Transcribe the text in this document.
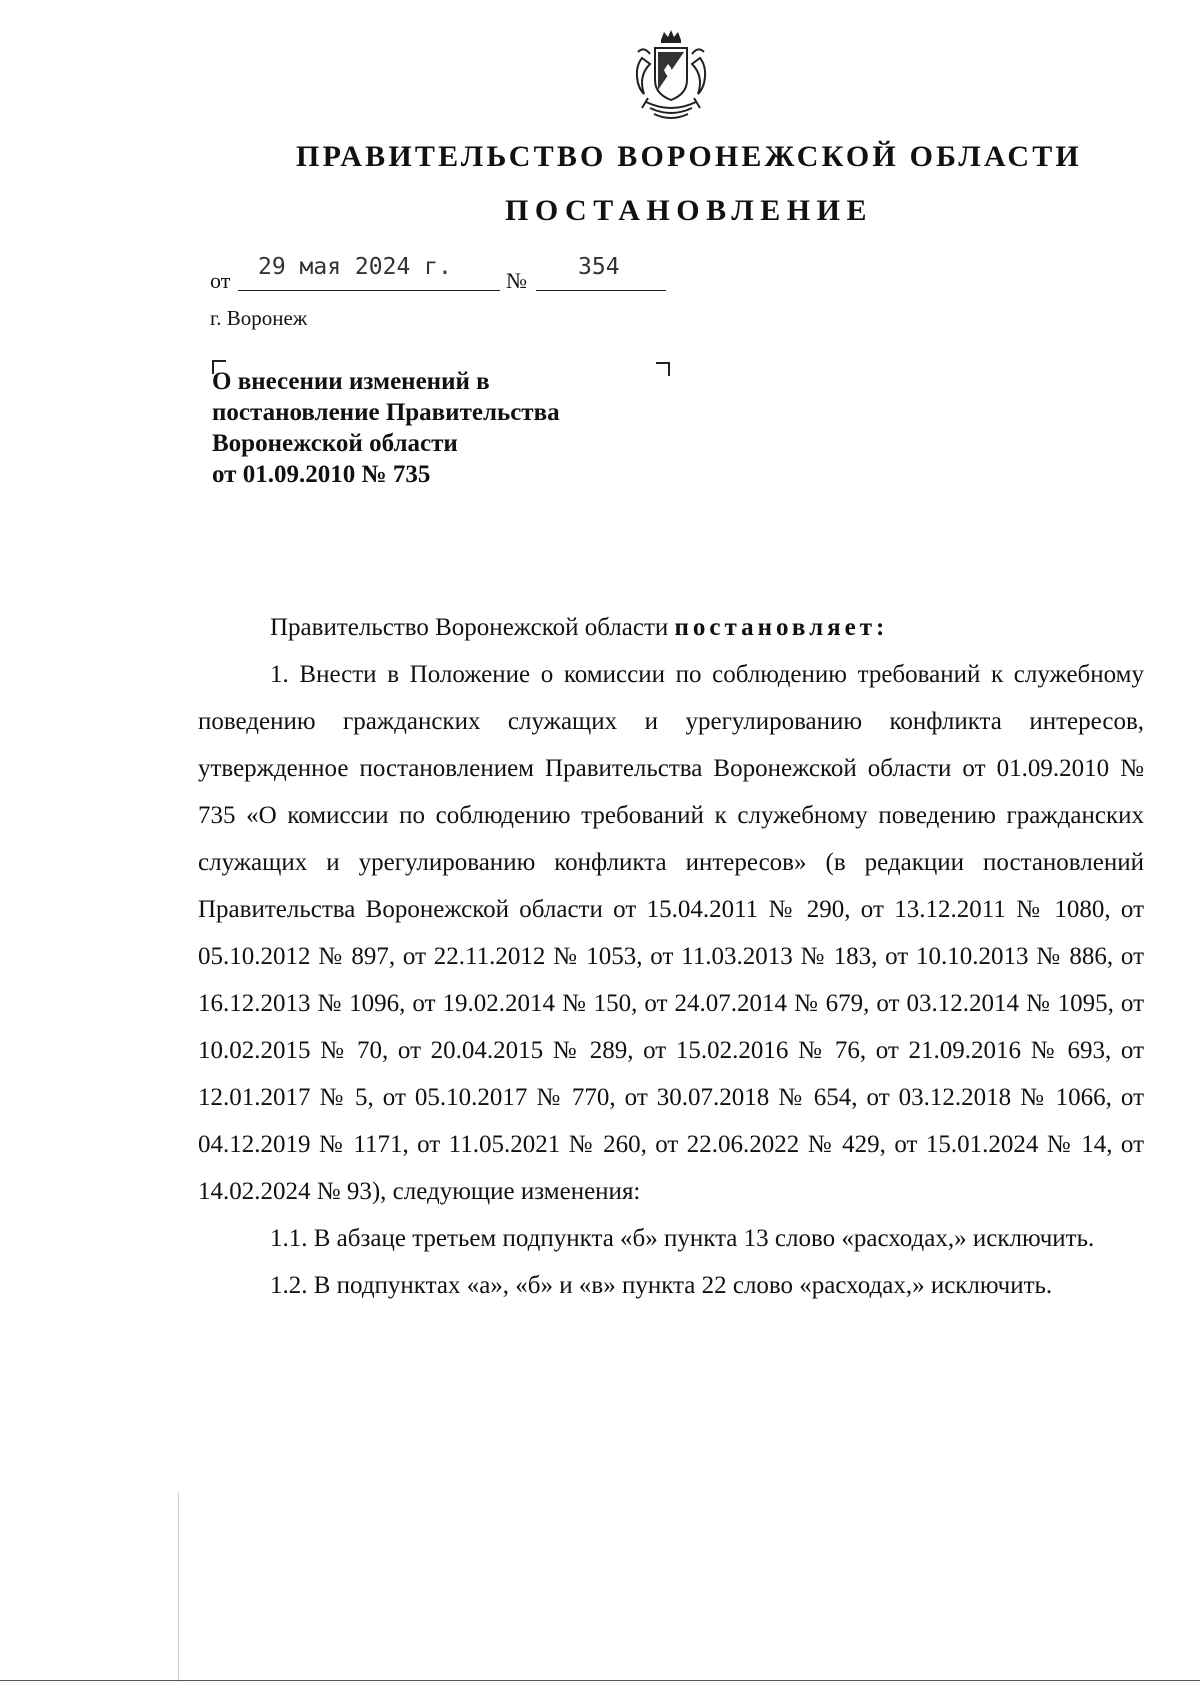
ПРАВИТЕЛЬСТВО ВОРОНЕЖСКОЙ ОБЛАСТИ
ПОСТАНОВЛЕНИЕ
от
29 мая 2024 г.
№
354
г. Воронеж
О внесении изменений в
постановление Правительства
Воронежской области
от 01.09.2010 № 735

Правительство Воронежской области постановляет:

1. Внести в Положение о комиссии по соблюдению требований к служебному поведению гражданских служащих и урегулированию конфликта интересов, утвержденное постановлением Правительства Воронежской области от 01.09.2010 № 735 «О комиссии по соблюдению требований к служебному поведению гражданских служащих и урегулированию конфликта интересов» (в редакции постановлений Правительства Воронежской области от 15.04.2011 № 290, от 13.12.2011 № 1080, от 05.10.2012 № 897, от 22.11.2012 № 1053, от 11.03.2013 № 183, от 10.10.2013 № 886, от 16.12.2013 № 1096, от 19.02.2014 № 150, от 24.07.2014 № 679, от 03.12.2014 № 1095, от 10.02.2015 № 70, от 20.04.2015 № 289, от 15.02.2016 № 76, от 21.09.2016 № 693, от 12.01.2017 № 5, от 05.10.2017 № 770, от 30.07.2018 № 654, от 03.12.2018 № 1066, от 04.12.2019 № 1171, от 11.05.2021 № 260, от 22.06.2022 № 429, от 15.01.2024 № 14, от 14.02.2024 № 93), следующие изменения:

1.1. В абзаце третьем подпункта «б» пункта 13 слово «расходах,» исключить.

1.2. В подпунктах «а», «б» и «в» пункта 22 слово «расходах,» исключить.
